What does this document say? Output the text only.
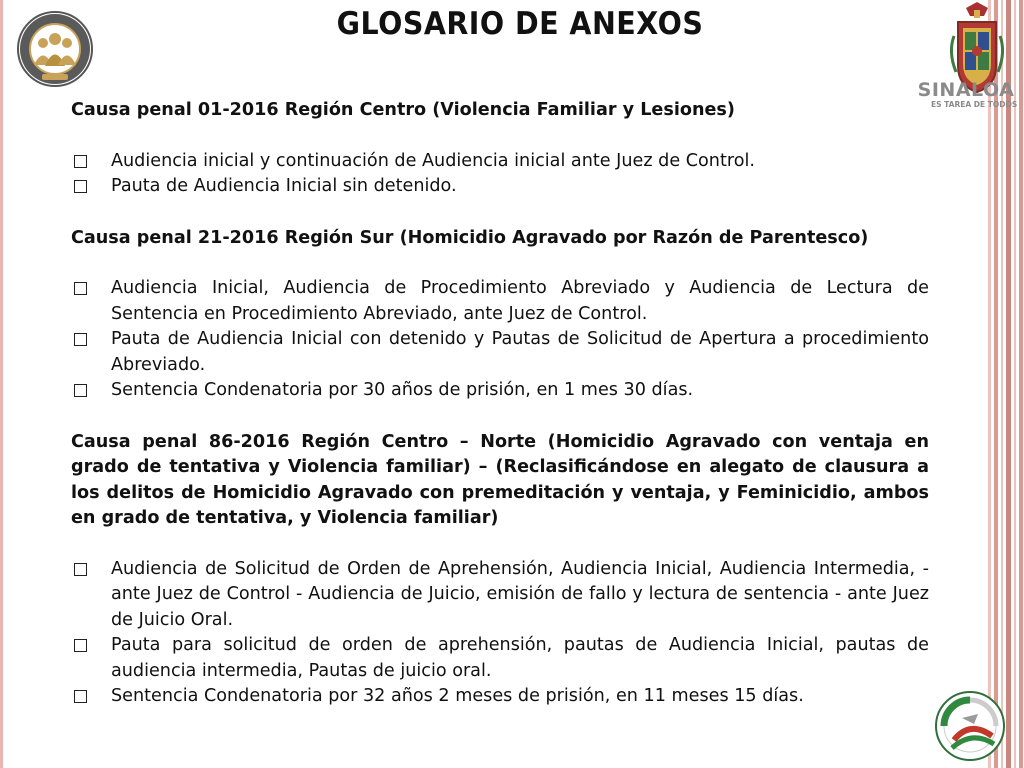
GLOSARIO DE ANEXOS
SINALOA
ES TAREA DE TODOS

Causa penal 01-2016 Región Centro (Violencia Familiar y Lesiones)

Audiencia inicial y continuación de Audiencia inicial ante Juez de Control.
Pauta de Audiencia Inicial sin detenido.

Causa penal 21-2016 Región Sur (Homicidio Agravado por Razón de Parentesco)

Audiencia Inicial, Audiencia de Procedimiento Abreviado y Audiencia de Lectura de Sentencia en Procedimiento Abreviado, ante Juez de Control.
Pauta de Audiencia Inicial con detenido y Pautas de Solicitud de Apertura a procedimiento Abreviado.
Sentencia Condenatoria por 30 años de prisión, en 1 mes 30 días.

Causa penal 86-2016 Región Centro – Norte (Homicidio Agravado con ventaja en grado de tentativa y Violencia familiar) – (Reclasificándose en alegato de clausura a los delitos de Homicidio Agravado con premeditación y ventaja, y Feminicidio, ambos en grado de tentativa, y Violencia familiar)

Audiencia de Solicitud de Orden de Aprehensión, Audiencia Inicial, Audiencia Intermedia, - ante Juez de Control - Audiencia de Juicio, emisión de fallo y lectura de sentencia - ante Juez de Juicio Oral.
Pauta para solicitud de orden de aprehensión, pautas de Audiencia Inicial, pautas de audiencia intermedia, Pautas de juicio oral.
Sentencia Condenatoria por 32 años 2 meses de prisión, en 11 meses 15 días.
